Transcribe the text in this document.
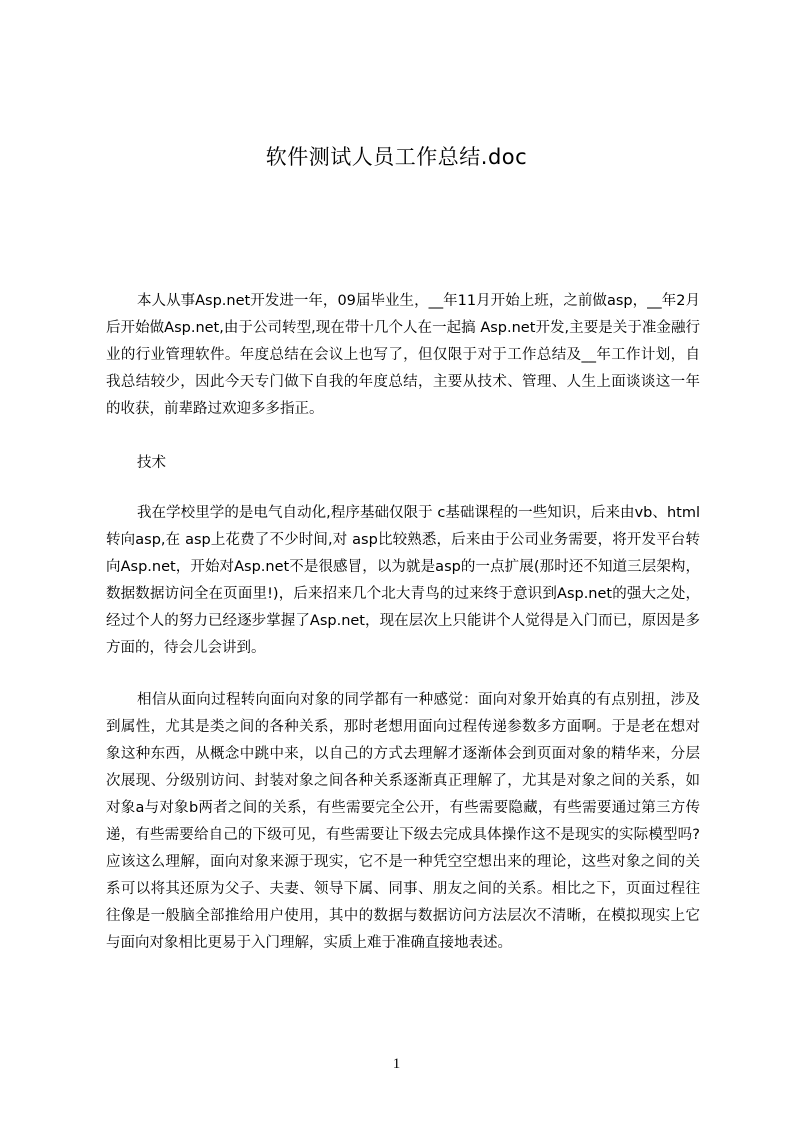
软件测试人员工作总结.doc

本人从事Asp.net开发进一年，09届毕业生，__年11月开始上班，之前做asp，__年2月后开始做Asp.net,由于公司转型,现在带十几个人在一起搞 Asp.net开发,主要是关于准金融行业的行业管理软件。年度总结在会议上也写了，但仅限于对于工作总结及__年工作计划，自我总结较少，因此今天专门做下自我的年度总结，主要从技术、管理、人生上面谈谈这一年的收获，前辈路过欢迎多多指正。

技术

我在学校里学的是电气自动化,程序基础仅限于 c基础课程的一些知识，后来由vb、html转向asp,在 asp上花费了不少时间,对 asp比较熟悉，后来由于公司业务需要，将开发平台转向Asp.net，开始对Asp.net不是很感冒，以为就是asp的一点扩展(那时还不知道三层架构，数据数据访问全在页面里!)，后来招来几个北大青鸟的过来终于意识到Asp.net的强大之处，经过个人的努力已经逐步掌握了Asp.net，现在层次上只能讲个人觉得是入门而已，原因是多方面的，待会儿会讲到。

相信从面向过程转向面向对象的同学都有一种感觉：面向对象开始真的有点别扭，涉及到属性，尤其是类之间的各种关系，那时老想用面向过程传递参数多方面啊。于是老在想对象这种东西，从概念中跳中来，以自己的方式去理解才逐渐体会到页面对象的精华来，分层次展现、分级别访问、封装对象之间各种关系逐渐真正理解了，尤其是对象之间的关系，如对象a与对象b两者之间的关系，有些需要完全公开，有些需要隐藏，有些需要通过第三方传递，有些需要给自己的下级可见，有些需要让下级去完成具体操作这不是现实的实际模型吗?应该这么理解，面向对象来源于现实，它不是一种凭空空想出来的理论，这些对象之间的关系可以将其还原为父子、夫妻、领导下属、同事、朋友之间的关系。相比之下，页面过程往往像是一般脑全部推给用户使用，其中的数据与数据访问方法层次不清晰，在模拟现实上它与面向对象相比更易于入门理解，实质上难于准确直接地表述。

1
